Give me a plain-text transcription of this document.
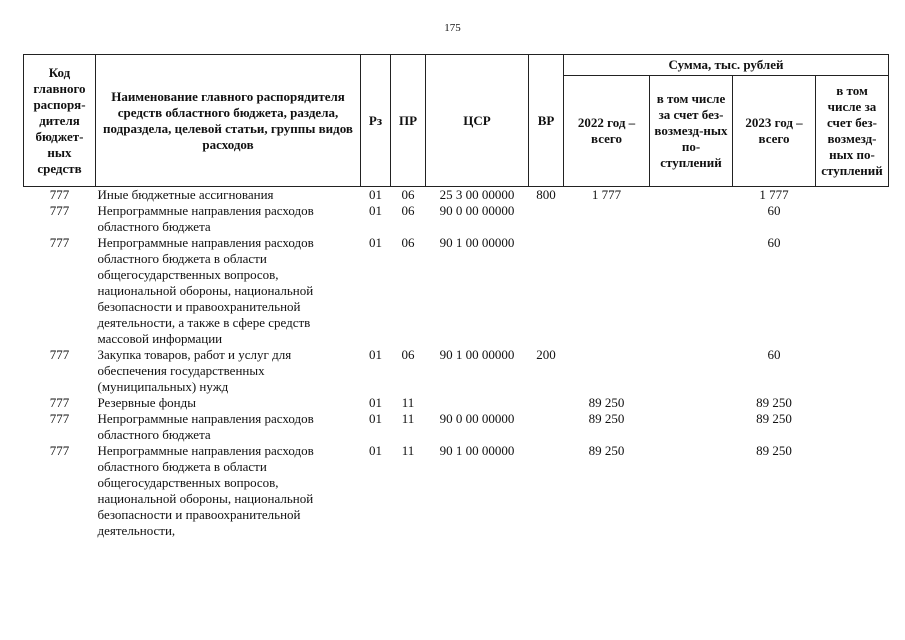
175
Код главного распоря-дителя бюджет-ных средств	Наименование главного распорядителя средств областного бюджета, раздела, подраздела, целевой статьи, группы видов расходов	Рз	ПР	ЦСР	ВР	Сумма, тыс. рублей			
						2022 год – всего	в том числе за счет без-возмезд-ных по-ступлений	2023 год – всего	в том числе за счет без-возмезд-ных по-ступлений
777	Иные бюджетные ассигнования	01	06	25 3 00 00000	800	1 777		1 777	
777	Непрограммные направления расходов областного бюджета	01	06	90 0 00 00000				60	
777	Непрограммные направления расходов областного бюджета в области общегосударственных вопросов, национальной обороны, национальной безопасности и правоохранительной деятельности, а также в сфере средств массовой информации	01	06	90 1 00 00000				60	
777	Закупка товаров, работ и услуг для обеспечения государственных (муниципальных) нужд	01	06	90 1 00 00000	200			60	
777	Резервные фонды	01	11			89 250		89 250	
777	Непрограммные направления расходов областного бюджета	01	11	90 0 00 00000		89 250		89 250	
777	Непрограммные направления расходов областного бюджета в области общегосударственных вопросов, национальной обороны, национальной безопасности и правоохранительной деятельности,	01	11	90 1 00 00000		89 250		89 250	
